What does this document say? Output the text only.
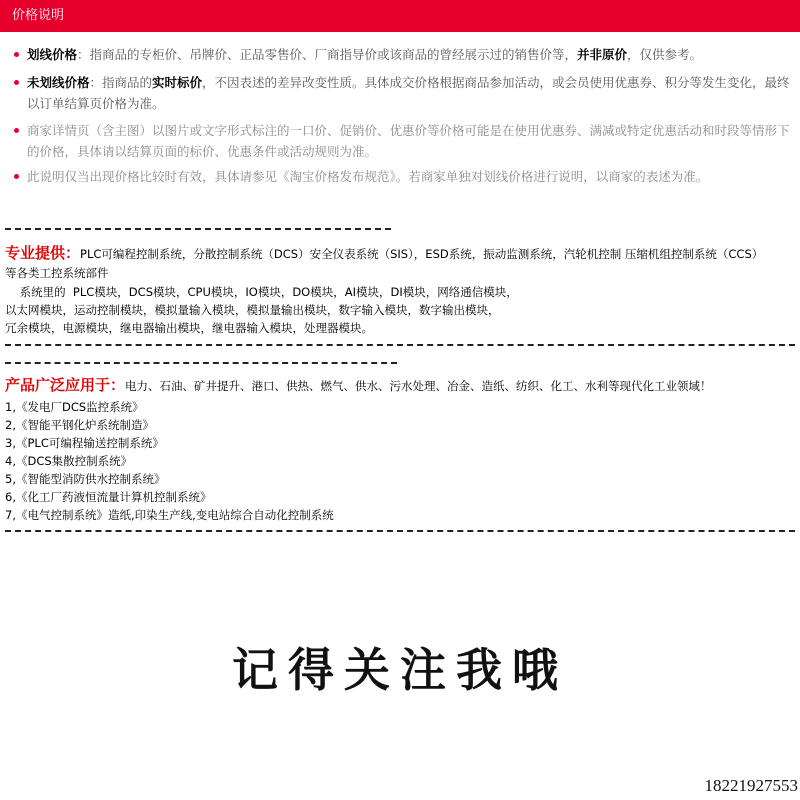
价格说明
划线价格：指商品的专柜价、吊牌价、正品零售价、厂商指导价或该商品的曾经展示过的销售价等，并非原价，仅供参考。
未划线价格：指商品的实时标价，不因表述的差异改变性质。具体成交价格根据商品参加活动，或会员使用优惠券、积分等发生变化，最终以订单结算页价格为准。
商家详情页（含主图）以图片或文字形式标注的一口价、促销价、优惠价等价格可能是在使用优惠券、满减或特定优惠活动和时段等情形下的价格，具体请以结算页面的标价、优惠条件或活动规则为准。
此说明仅当出现价格比较时有效，具体请参见《淘宝价格发布规范》。若商家单独对划线价格进行说明，以商家的表述为准。
专业提供：PLC可编程控制系统，分散控制系统（DCS）安全仪表系统（SIS），ESD系统，振动监测系统，汽轮机控制 压缩机组控制系统（CCS）
等各类工控系统部件
系统里的  PLC模块，DCS模块，CPU模块，IO模块，DO模块，AI模块，DI模块，网络通信模块，
以太网模块，运动控制模块，模拟量输入模块，模拟量输出模块，数字输入模块，数字输出模块，
冗余模块，电源模块，继电器输出模块，继电器输入模块，处理器模块。
产品广泛应用于：电力、石油、矿井提升、港口、供热、燃气、供水、污水处理、冶金、造纸、纺织、化工、水利等现代化工业领域！
1,《发电厂DCS监控系统》
2,《智能平钢化炉系统制造》
3,《PLC可编程输送控制系统》
4,《DCS集散控制系统》
5,《智能型消防供水控制系统》
6,《化工厂药液恒流量计算机控制系统》
7,《电气控制系统》造纸,印染生产线,变电站综合自动化控制系统
记得关注我哦
18221927553
